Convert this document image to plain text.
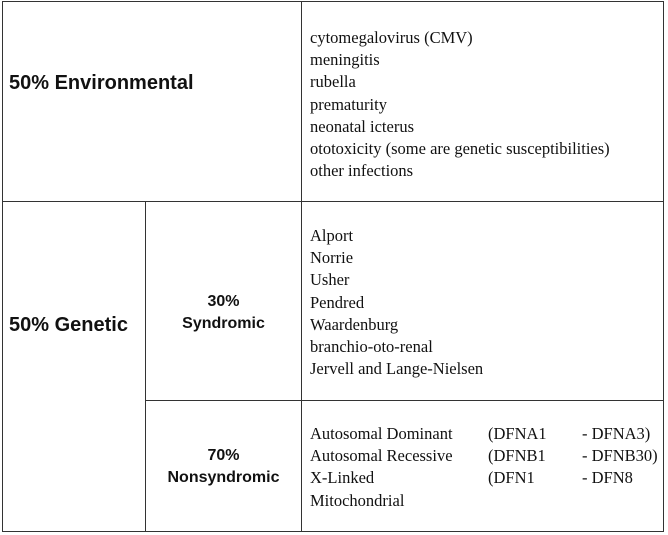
50% Environmental
cytomegalovirus (CMV)
meningitis
rubella
prematurity
neonatal icterus
ototoxicity (some are genetic susceptibilities)
other infections
50% Genetic
30%
Syndromic
Alport
Norrie
Usher
Pendred
Waardenburg
branchio-oto-renal
Jervell and Lange-Nielsen
70%
Nonsyndromic
Autosomal Dominant (DFNA1 - DFNA3)
Autosomal Recessive (DFNB1 - DFNB30)
X-Linked	(DFN1	- DFN8
Mitochondrial
